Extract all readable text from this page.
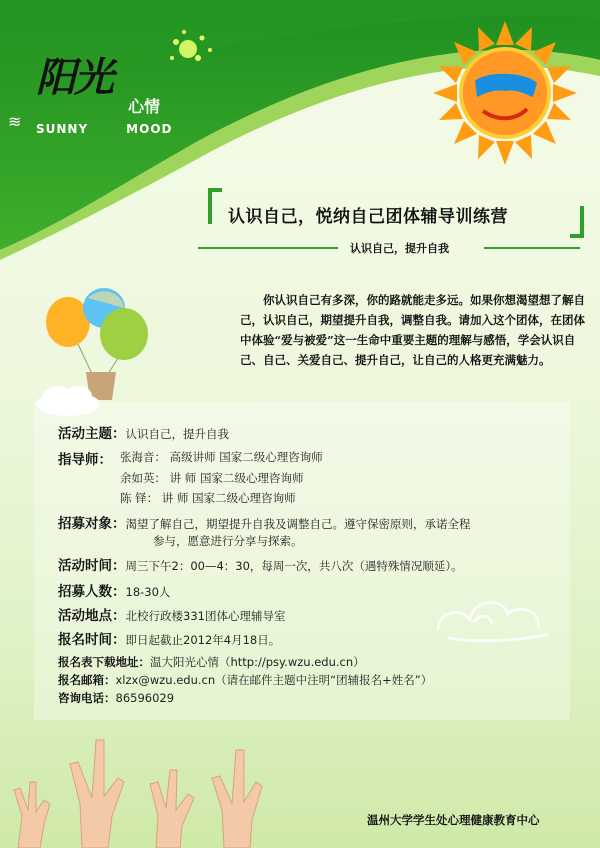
阳光
心情
≋ SUNNY	MOOD
认识自己，悦纳自己团体辅导训练营
认识自己，提升自我
你认识自己有多深，你的路就能走多远。如果你想渴望想了解自己，认识自己，期望提升自我，调整自我。请加入这个团体，在团体中体验“爱与被爱”这一生命中重要主题的理解与感悟，学会认识自己、自己、关爱自己、提升自己，让自己的人格更充满魅力。
活动主题：认识自己，提升自我
指导师： 张海音： 高级讲师 国家二级心理咨询师
余如英： 讲 师 国家二级心理咨询师
陈 铎： 讲 师 国家二级心理咨询师
招募对象：渴望了解自己，期望提升自我及调整自己。遵守保密原则，承诺全程
参与，愿意进行分享与探索。
活动时间：周三下午2：00—4：30，每周一次，共八次（遇特殊情况顺延）。
招募人数：18-30人
活动地点：北校行政楼331团体心理辅导室
报名时间：即日起截止2012年4月18日。
报名表下载地址：温大阳光心情（http://psy.wzu.edu.cn）
报名邮箱：xlzx@wzu.edu.cn（请在邮件主题中注明“团辅报名+姓名”）
咨询电话：86596029
温州大学学生处心理健康教育中心
